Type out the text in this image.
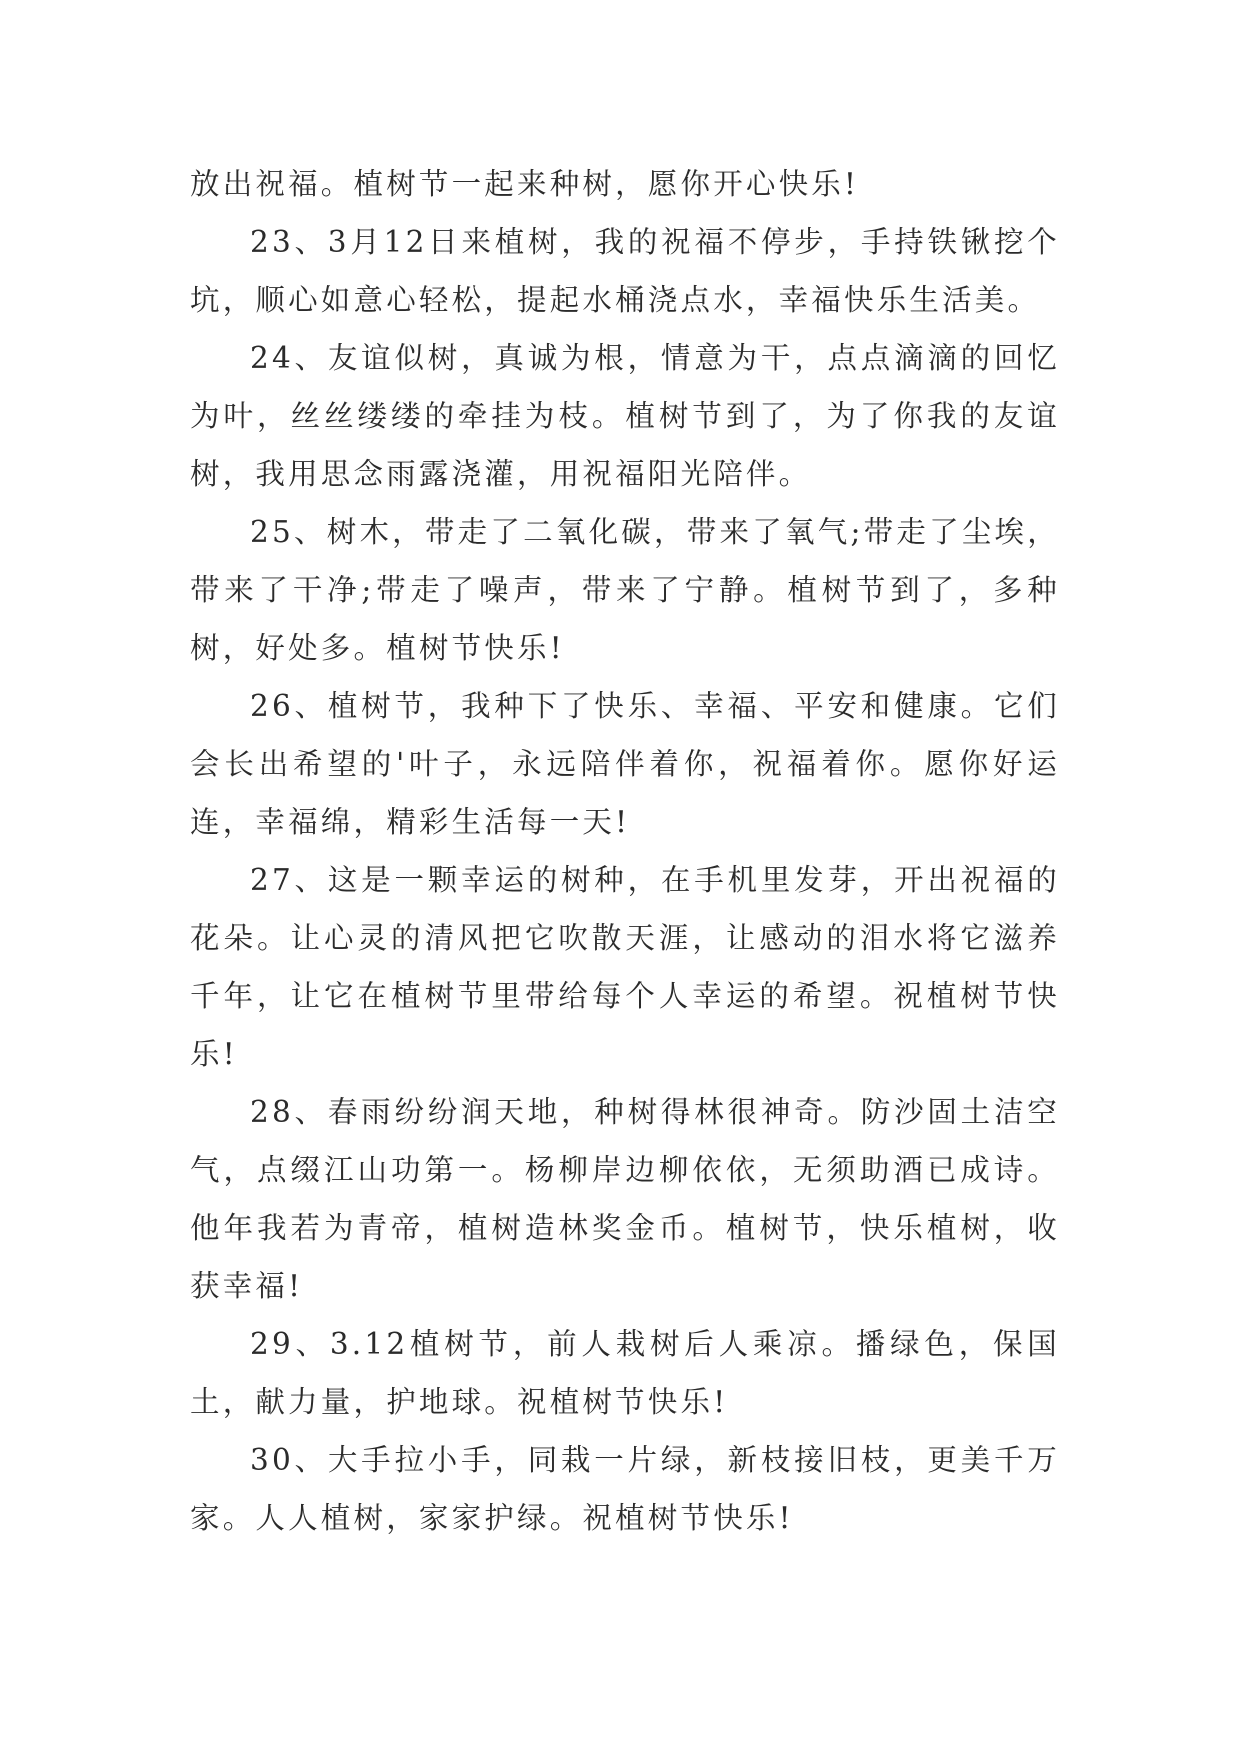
放出祝福。植树节一起来种树，愿你开心快乐!

23、3月12日来植树，我的祝福不停步，手持铁锹挖个坑，顺心如意心轻松，提起水桶浇点水，幸福快乐生活美。

24、友谊似树，真诚为根，情意为干，点点滴滴的回忆为叶，丝丝缕缕的牵挂为枝。植树节到了，为了你我的友谊树，我用思念雨露浇灌，用祝福阳光陪伴。

25、树木，带走了二氧化碳，带来了氧气;带走了尘埃，带来了干净;带走了噪声，带来了宁静。植树节到了，多种树，好处多。植树节快乐!

26、植树节，我种下了快乐、幸福、平安和健康。它们会长出希望的'叶子，永远陪伴着你，祝福着你。愿你好运连，幸福绵，精彩生活每一天!

27、这是一颗幸运的树种，在手机里发芽，开出祝福的花朵。让心灵的清风把它吹散天涯，让感动的泪水将它滋养千年，让它在植树节里带给每个人幸运的希望。祝植树节快乐!

28、春雨纷纷润天地，种树得林很神奇。防沙固土洁空气，点缀江山功第一。杨柳岸边柳依依，无须助酒已成诗。他年我若为青帝，植树造林奖金币。植树节，快乐植树，收获幸福!

29、3.12植树节，前人栽树后人乘凉。播绿色，保国土，献力量，护地球。祝植树节快乐!

30、大手拉小手，同栽一片绿，新枝接旧枝，更美千万家。人人植树，家家护绿。祝植树节快乐!
